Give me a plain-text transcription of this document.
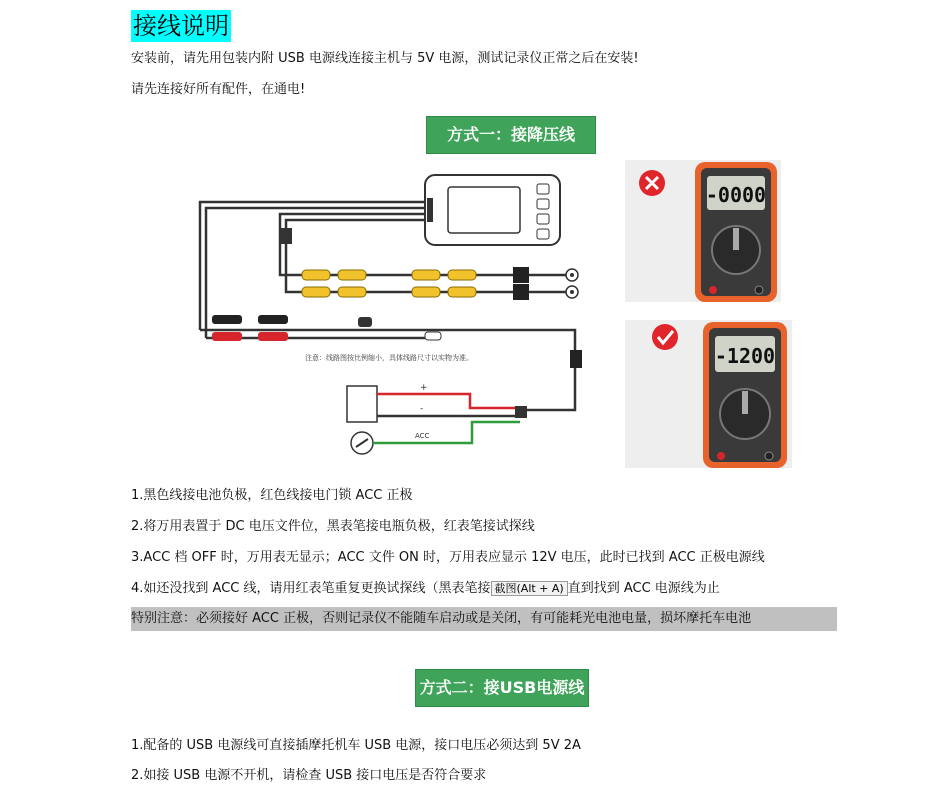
接线说明
安装前，请先用包装内附 USB 电源线连接主机与 5V 电源，测试记录仪正常之后在安装!
请先连接好所有配件，在通电!
方式一：接降压线
注意：线路图按比例缩小，具体线路尺寸以实物为准。
+
-
ACC
-0000
-1200
1.黑色线接电池负极，红色线接电门锁 ACC 正极
2.将万用表置于 DC 电压文件位，黑表笔接电瓶负极，红表笔接试探线
3.ACC 档 OFF 时，万用表无显示；ACC 文件 ON 时，万用表应显示 12V 电压，此时已找到 ACC 正极电源线
4.如还没找到 ACC 线，请用红表笔重复更换试探线（黑表笔接 截图(Alt + A) 直到找到 ACC 电源线为止
特别注意：必须接好 ACC 正极，否则记录仪不能随车启动或是关闭，有可能耗光电池电量，损坏摩托车电池
方式二：接USB电源线
1.配备的 USB 电源线可直接插摩托机车 USB 电源，接口电压必须达到 5V 2A
2.如接 USB 电源不开机，请检查 USB 接口电压是否符合要求
